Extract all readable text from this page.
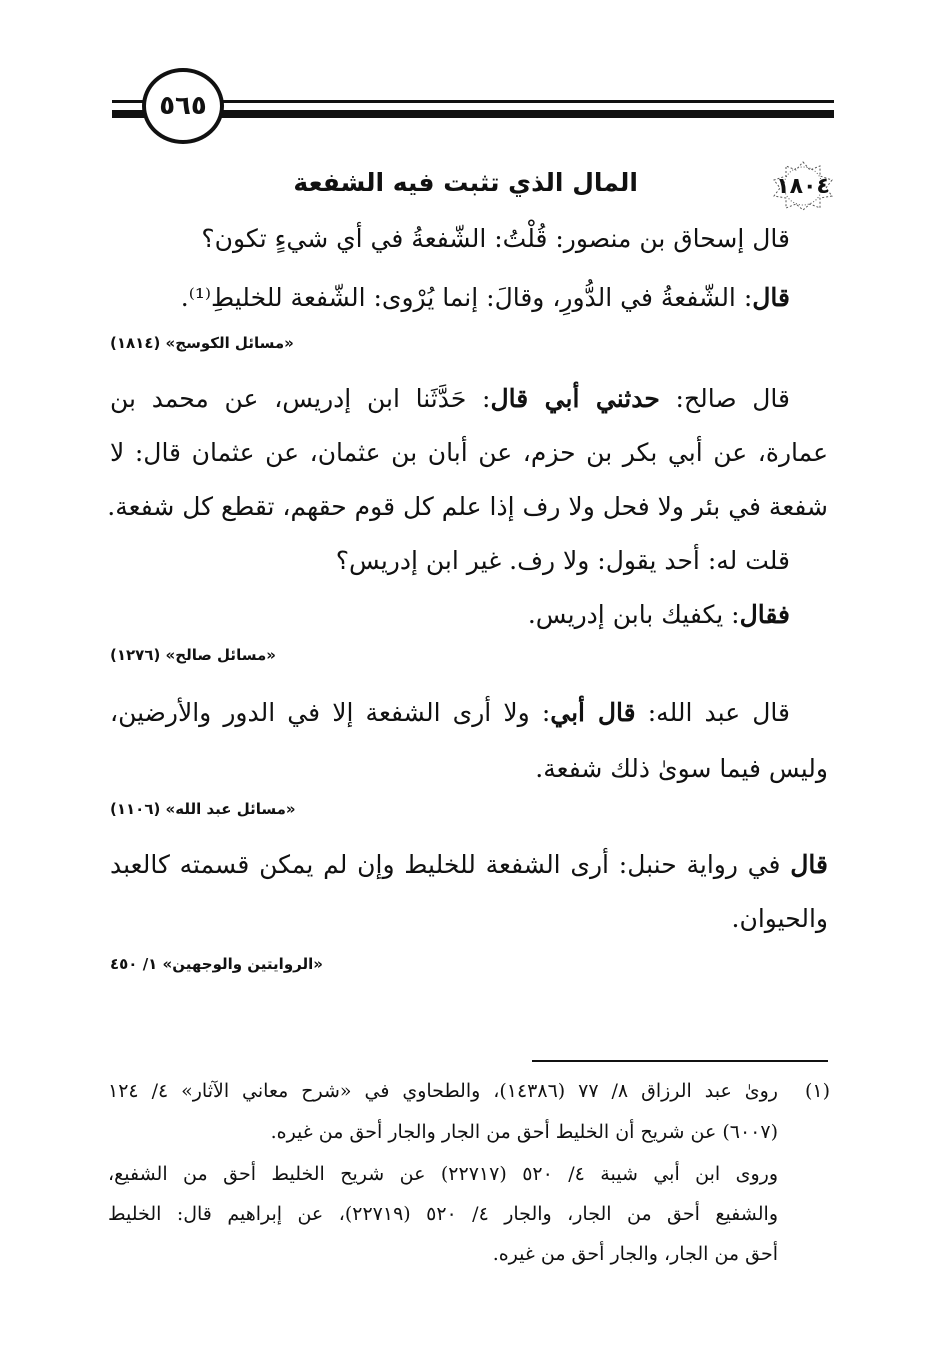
٥٦٥
١٨٠٤
المال الذي تثبت فيه الشفعة
قال إسحاق بن منصور: قُلْتُ: الشّفعةُ في أي شيءٍ تكون؟
قال: الشّفعةُ في الدُّورِ، وقالَ: إنما يُرْوى: الشّفعة للخليطِ⁽¹⁾.
«مسائل الكوسج» (١٨١٤)
قال صالح: حدثني أبي قال: حَدَّثَنا ابن إدريس، عن محمد بن
عمارة، عن أبي بكر بن حزم، عن أبان بن عثمان، عن عثمان قال: لا
شفعة في بئر ولا فحل ولا رف إذا علم كل قوم حقهم، تقطع كل شفعة.
قلت له: أحد يقول: ولا رف. غير ابن إدريس؟
فقال: يكفيك بابن إدريس.
«مسائل صالح» (١٢٧٦)
قال عبد الله: قال أبي: ولا أرى الشفعة إلا في الدور والأرضين،
وليس فيما سوىٰ ذلك شفعة.
«مسائل عبد الله» (١١٠٦)
قال في رواية حنبل: أرى الشفعة للخليط وإن لم يمكن قسمته كالعبد
والحيوان.
«الروايتين والوجهين» ١/ ٤٥٠
(١)
روىٰ عبد الرزاق ٨/ ٧٧ (١٤٣٨٦)، والطحاوي في «شرح معاني الآثار» ٤/ ١٢٤
(٦٠٠٧) عن شريح أن الخليط أحق من الجار والجار أحق من غيره.
وروى ابن أبي شيبة ٤/ ٥٢٠ (٢٢٧١٧) عن شريح الخليط أحق من الشفيع،
والشفيع أحق من الجار، والجار ٤/ ٥٢٠ (٢٢٧١٩)، عن إبراهيم قال: الخليط
أحق من الجار، والجار أحق من غيره.
